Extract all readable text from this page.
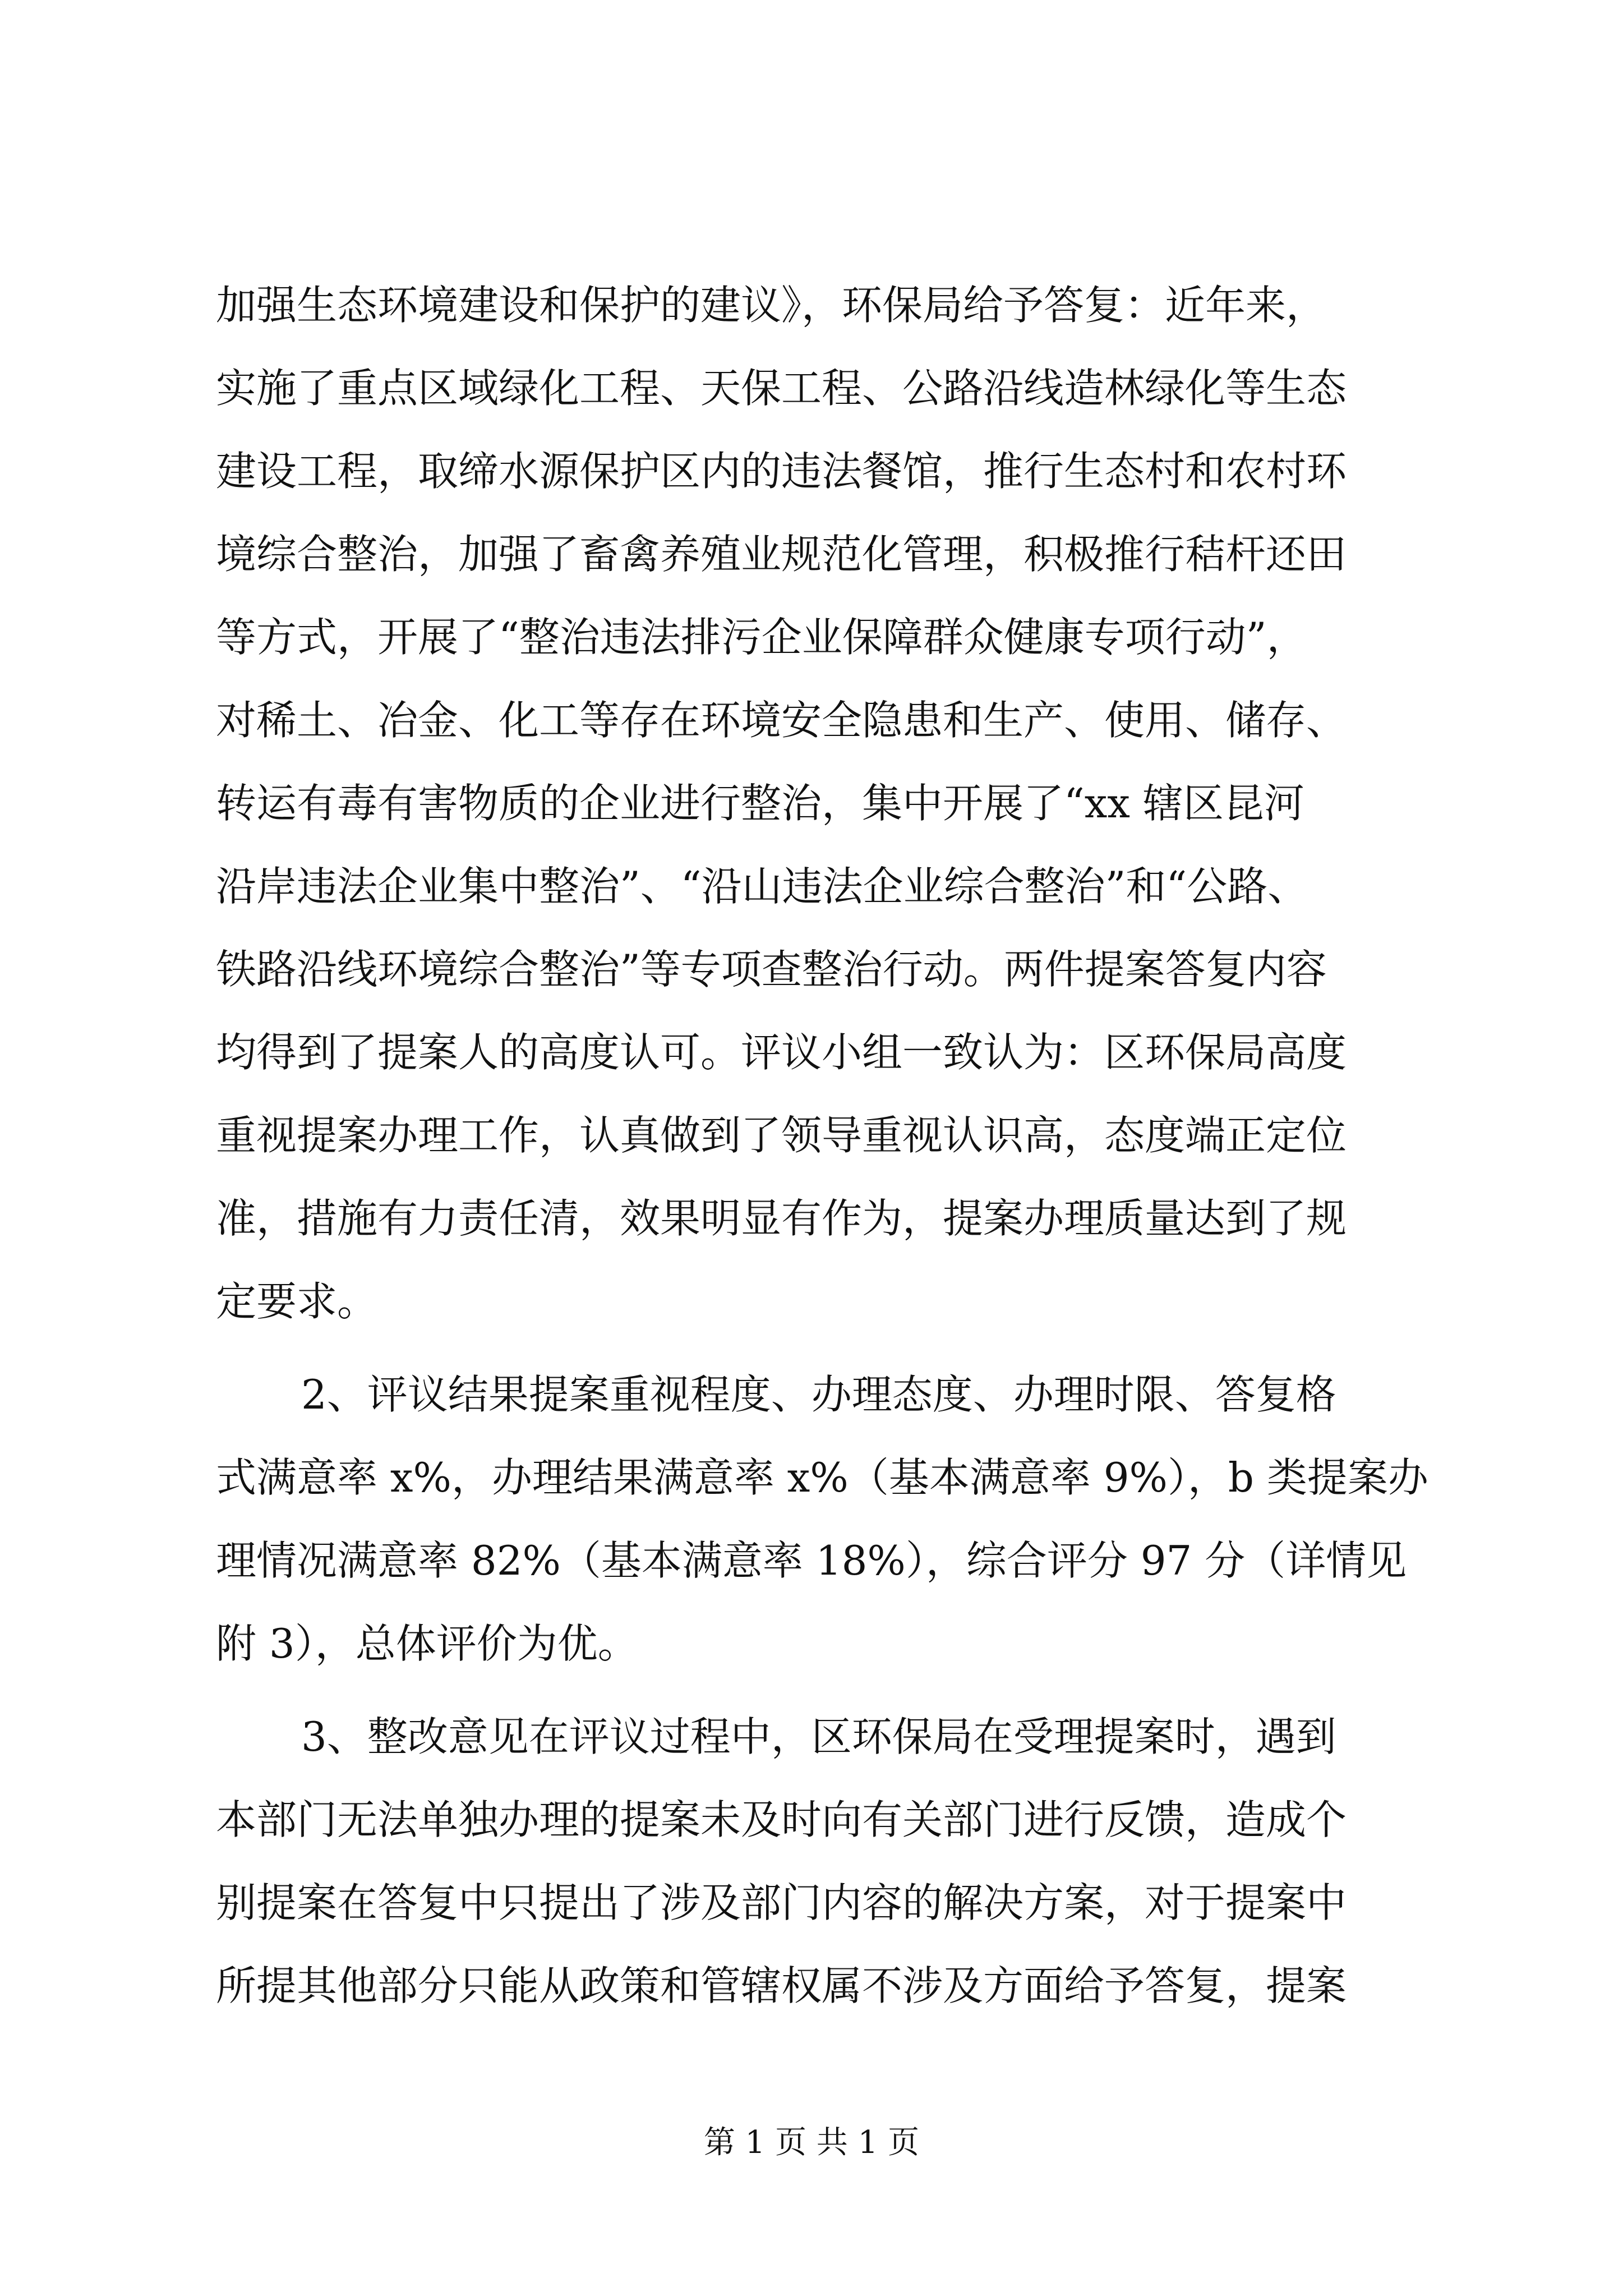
加强生态环境建设和保护的建议》，环保局给予答复：近年来，
实施了重点区域绿化工程、天保工程、公路沿线造林绿化等生态
建设工程，取缔水源保护区内的违法餐馆，推行生态村和农村环
境综合整治，加强了畜禽养殖业规范化管理，积极推行秸杆还田
等方式，开展了“整治违法排污企业保障群众健康专项行动”，
对稀土、冶金、化工等存在环境安全隐患和生产、使用、储存、
转运有毒有害物质的企业进行整治，集中开展了“xx 辖区昆河
沿岸违法企业集中整治”、“沿山违法企业综合整治”和“公路、
铁路沿线环境综合整治”等专项查整治行动。两件提案答复内容
均得到了提案人的高度认可。评议小组一致认为：区环保局高度
重视提案办理工作，认真做到了领导重视认识高，态度端正定位
准，措施有力责任清，效果明显有作为，提案办理质量达到了规
定要求。
2、评议结果提案重视程度、办理态度、办理时限、答复格
式满意率 x%，办理结果满意率 x%（基本满意率 9%），b 类提案办
理情况满意率 82%（基本满意率 18%），综合评分 97 分（详情见
附 3），总体评价为优。
3、整改意见在评议过程中，区环保局在受理提案时，遇到
本部门无法单独办理的提案未及时向有关部门进行反馈，造成个
别提案在答复中只提出了涉及部门内容的解决方案，对于提案中
所提其他部分只能从政策和管辖权属不涉及方面给予答复，提案
第 1 页 共 1 页
